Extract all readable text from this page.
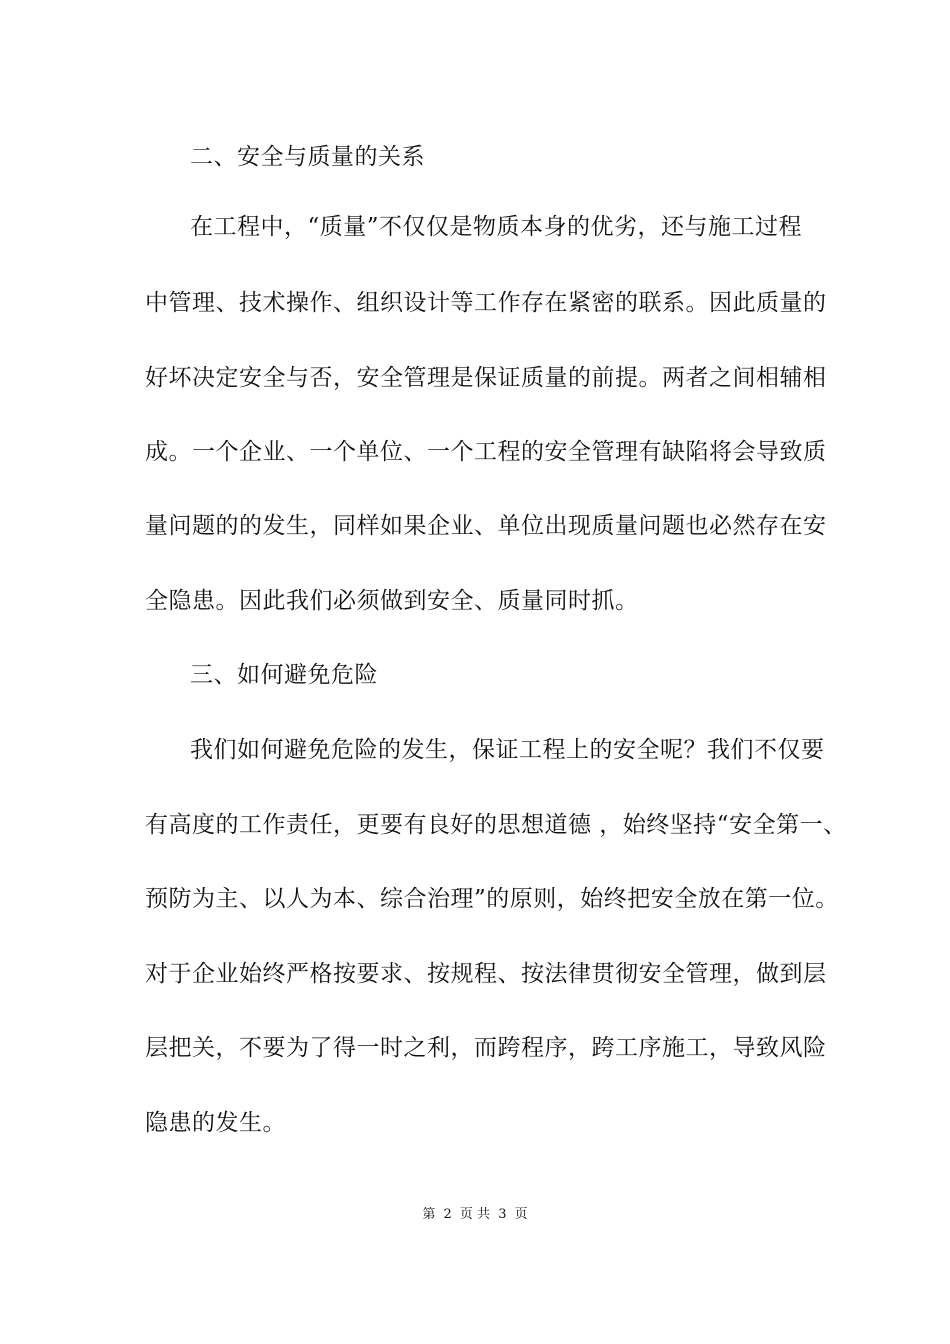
二、安全与质量的关系
在工程中，“质量”不仅仅是物质本身的优劣，还与施工过程
中管理、技术操作、组织设计等工作存在紧密的联系。因此质量的
好坏决定安全与否，安全管理是保证质量的前提。两者之间相辅相
成。一个企业、一个单位、一个工程的安全管理有缺陷将会导致质
量问题的的发生，同样如果企业、单位出现质量问题也必然存在安
全隐患。因此我们必须做到安全、质量同时抓。
三、如何避免危险
我们如何避免危险的发生，保证工程上的安全呢？我们不仅要
有高度的工作责任，更要有良好的思想道德 ，始终坚持“安全第一、
预防为主、以人为本、综合治理”的原则，始终把安全放在第一位。
对于企业始终严格按要求、按规程、按法律贯彻安全管理，做到层
层把关，不要为了得一时之利，而跨程序，跨工序施工，导致风险
隐患的发生。
第 2 页 共 3 页
